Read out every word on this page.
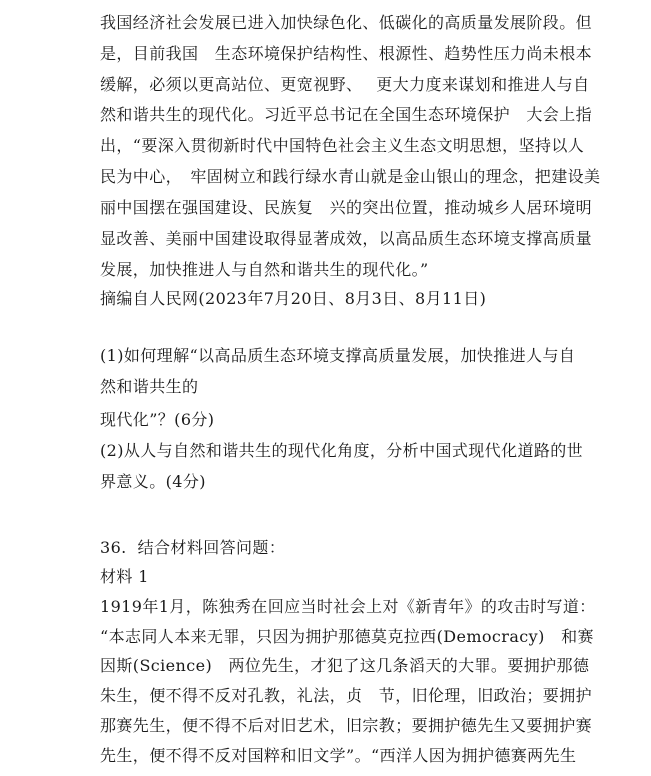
我国经济社会发展已进入加快绿色化、低碳化的高质量发展阶段。但

是，目前我国　生态环境保护结构性、根源性、趋势性压力尚未根本

缓解，必须以更高站位、更宽视野、　 更大力度来谋划和推进人与自

然和谐共生的现代化。习近平总书记在全国生态环境保护　大会上指

出，“要深入贯彻新时代中国特色社会主义生态文明思想，坚持以人

民为中心，　牢固树立和践行绿水青山就是金山银山的理念，把建设美

丽中国摆在强国建设、民族复　兴的突出位置，推动城乡人居环境明

显改善、美丽中国建设取得显著成效，以高品质生态环境支撑高质量

发展，加快推进人与自然和谐共生的现代化。”

摘编自人民网(2023年7月20日、8月3日、8月11日)

(1)如何理解“以高品质生态环境支撑高质量发展，加快推进人与自

然和谐共生的

现代化”？(6分)

(2)从人与自然和谐共生的现代化角度，分析中国式现代化道路的世

界意义。(4分)

36.  结合材料回答问题：

材料 1

1919年1月，陈独秀在回应当时社会上对《新青年》的攻击时写道：

“本志同人本来无罪，只因为拥护那德莫克拉西(Democracy)　和赛

因斯(Science)　两位先生，才犯了这几条滔天的大罪。要拥护那德

朱生，便不得不反对孔教，礼法，贞　节，旧伦理，旧政治；要拥护

那赛先生，便不得不后对旧艺术，旧宗教；要拥护德先生又要拥护赛

先生，便不得不反对国粹和旧文学”。“西洋人因为拥护德赛两先生
